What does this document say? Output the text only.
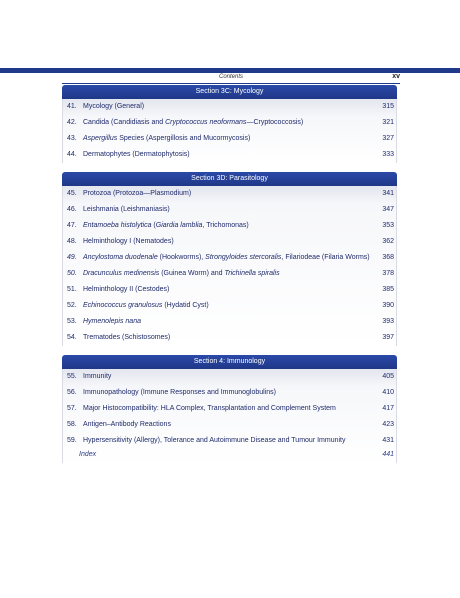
Contents	xv
Section 3C: Mycology
41. Mycology (General)	315
42. Candida (Candidiasis and Cryptococcus neoformans—Cryptococcosis)	321
43. Aspergillus Species (Aspergillosis and Mucormycosis)	327
44. Dermatophytes (Dermatophytosis)	333
Section 3D: Parasitology
45. Protozoa (Protozoa—Plasmodium)	341
46. Leishmania (Leishmaniasis)	347
47. Entamoeba histolytica (Giardia lamblia, Trichomonas)	353
48. Helminthology I (Nematodes)	362
49. Ancylostoma duodenale (Hookworms), Strongyloides stercoralis, Filariodeae (Filaria Worms) 368
50. Dracunculus medinensis (Guinea Worm) and Trichinella spiralis	378
51. Helminthology II (Cestodes)	385
52. Echinococcus granulosus (Hydatid Cyst)	390
53. Hymenolepis nana	393
54. Trematodes (Schistosomes)	397
Section 4: Immunology
55. Immunity	405
56. Immunopathology (Immune Responses and Immunoglobulins)	410
57. Major Histocompatibility: HLA Complex, Transplantation and Complement System	417
58. Antigen–Antibody Reactions	423
59. Hypersensitivity (Allergy), Tolerance and Autoimmune Disease and Tumour Immunity	431
Index	441
